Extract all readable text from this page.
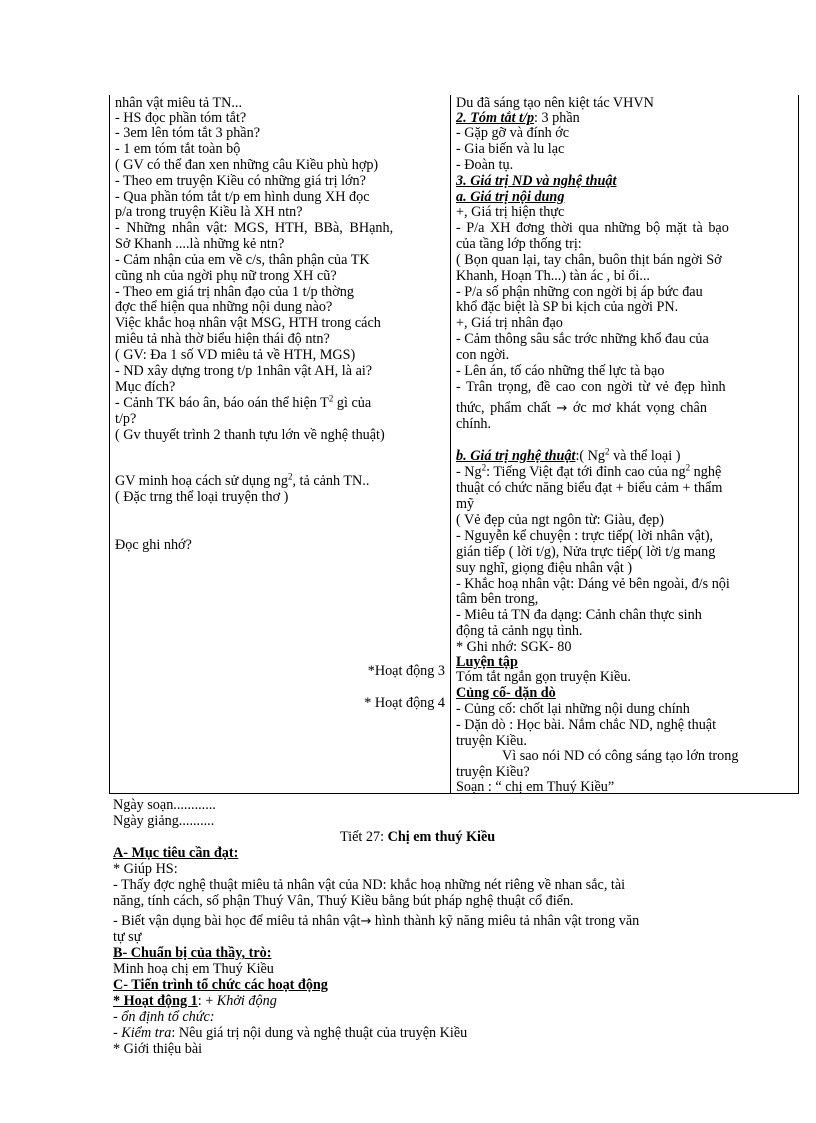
nhân vật miêu tả TN...
- HS đọc phần tóm tắt?
- 3em lên tóm tắt 3 phần?
- 1 em tóm tắt toàn bộ
( GV có thể đan xen những câu Kiều phù hợp)
- Theo em truyện Kiều có những giá trị lớn?
- Qua phần tóm tắt t/p em hình dung XH đọc
p/a trong truyện Kiều là XH ntn?
- Những nhân vật: MGS, HTH, BBà, BHạnh,
Sở Khanh ....là những kẻ ntn?
- Cảm nhận của em về c/s, thân phận của TK
cũng nh của ngời phụ nữ trong XH cũ?
- Theo em giá trị nhân đạo của 1 t/p thờng
đợc thể hiện qua những nội dung nào?
Việc khắc hoạ nhân vật MSG, HTH trong cách
miêu tả nhà thờ biểu hiện thái độ ntn?
( GV: Đa 1 số VD miêu tả về HTH, MGS)
- ND xây dựng trong t/p 1nhân vật AH, là ai?
Mục đích?
- Cảnh TK báo ân, báo oán thể hiện $T^2$ gì của
t/p?
( Gv thuyết trình 2 thanh tựu lớn về nghệ thuật)
GV minh hoạ cách sử dụng $ng^2$, tả cảnh TN..
( Đặc trng thể loại truyện thơ )
Đọc ghi nhớ?
*Hoạt động 3
* Hoạt động 4
Du đã sáng tạo nên kiệt tác VHVN
2. Tóm tắt t/p: 3 phần
- Gặp gỡ và đính ớc
- Gia biến và lu lạc
- Đoàn tụ.
3. Giá trị ND và nghệ thuật
a. Giá trị nội dung
+, Giá trị hiện thực
- P/a XH đơng thời qua những bộ mặt tà bạo
của tầng lớp thống trị:
( Bọn quan lại, tay chân, buôn thịt bán ngời Sở
Khanh, Hoạn Th...) tàn ác , bỉ ổi...
- P/a số phận những con ngời bị áp bức đau
khổ đặc biệt là SP bi kịch của ngời PN.
+, Giá trị nhân đạo
- Cảm thông sâu sắc trớc những khổ đau của
con ngời.
- Lên án, tố cáo những thế lực tà bạo
- Trân trọng, đề cao con ngời từ vẻ đẹp hình
thức, phẩm chất → ớc mơ khát vọng chân
chính.
b. Giá trị nghệ thuật:( Ng$^2$ và thể loại )
- Ng$^2$: Tiếng Việt đạt tới đỉnh cao của $ng^2$ nghệ
thuật có chức năng biểu đạt + biểu cảm + thẩm
mỹ
( Vẻ đẹp của ngt ngôn từ: Giàu, đẹp)
- Nguyễn kể chuyện : trực tiếp( lời nhân vật),
gián tiếp ( lời t/g), Nửa trực tiếp( lời t/g mang
suy nghĩ, giọng điệu nhân vật )
- Khắc hoạ nhân vật: Dáng vẻ bên ngoài, đ/s nội
tâm bên trong,
- Miêu tả TN đa dạng: Cảnh chân thực sinh
động tả cảnh ngụ tình.
* Ghi nhớ: SGK- 80
Luyện tập
Tóm tắt ngắn gọn truyện Kiều.
Củng cố- dặn dò
- Củng cố: chốt lại những nội dung chính
- Dặn dò : Học bài. Nắm chắc ND, nghệ thuật
truyện Kiều.
Vì sao nói ND có công sáng tạo lớn trong
truyện Kiều?
Soạn : “ chị em Thuý Kiều”
Ngày soạn............
Ngày giảng..........
Tiết 27: Chị em thuý Kiều
A- Mục tiêu cần đạt:
* Giúp HS:
- Thấy đợc nghệ thuật miêu tả nhân vật của ND: khắc hoạ những nét riêng về nhan sắc, tài
năng, tính cách, số phận Thuý Vân, Thuý Kiều bằng bút pháp nghệ thuật cổ điển.
- Biết vận dụng bài học để miêu tả nhân vật→ hình thành kỹ năng miêu tả nhân vật trong văn
tự sự
B- Chuẩn bị của thầy, trò:
Minh hoạ chị em Thuý Kiều
C- Tiến trình tổ chức các hoạt động
* Hoạt động 1: + Khởi động
- ổn định tổ chức:
- Kiểm tra: Nêu giá trị nội dung và nghệ thuật của truyện Kiều
* Giới thiệu bài
